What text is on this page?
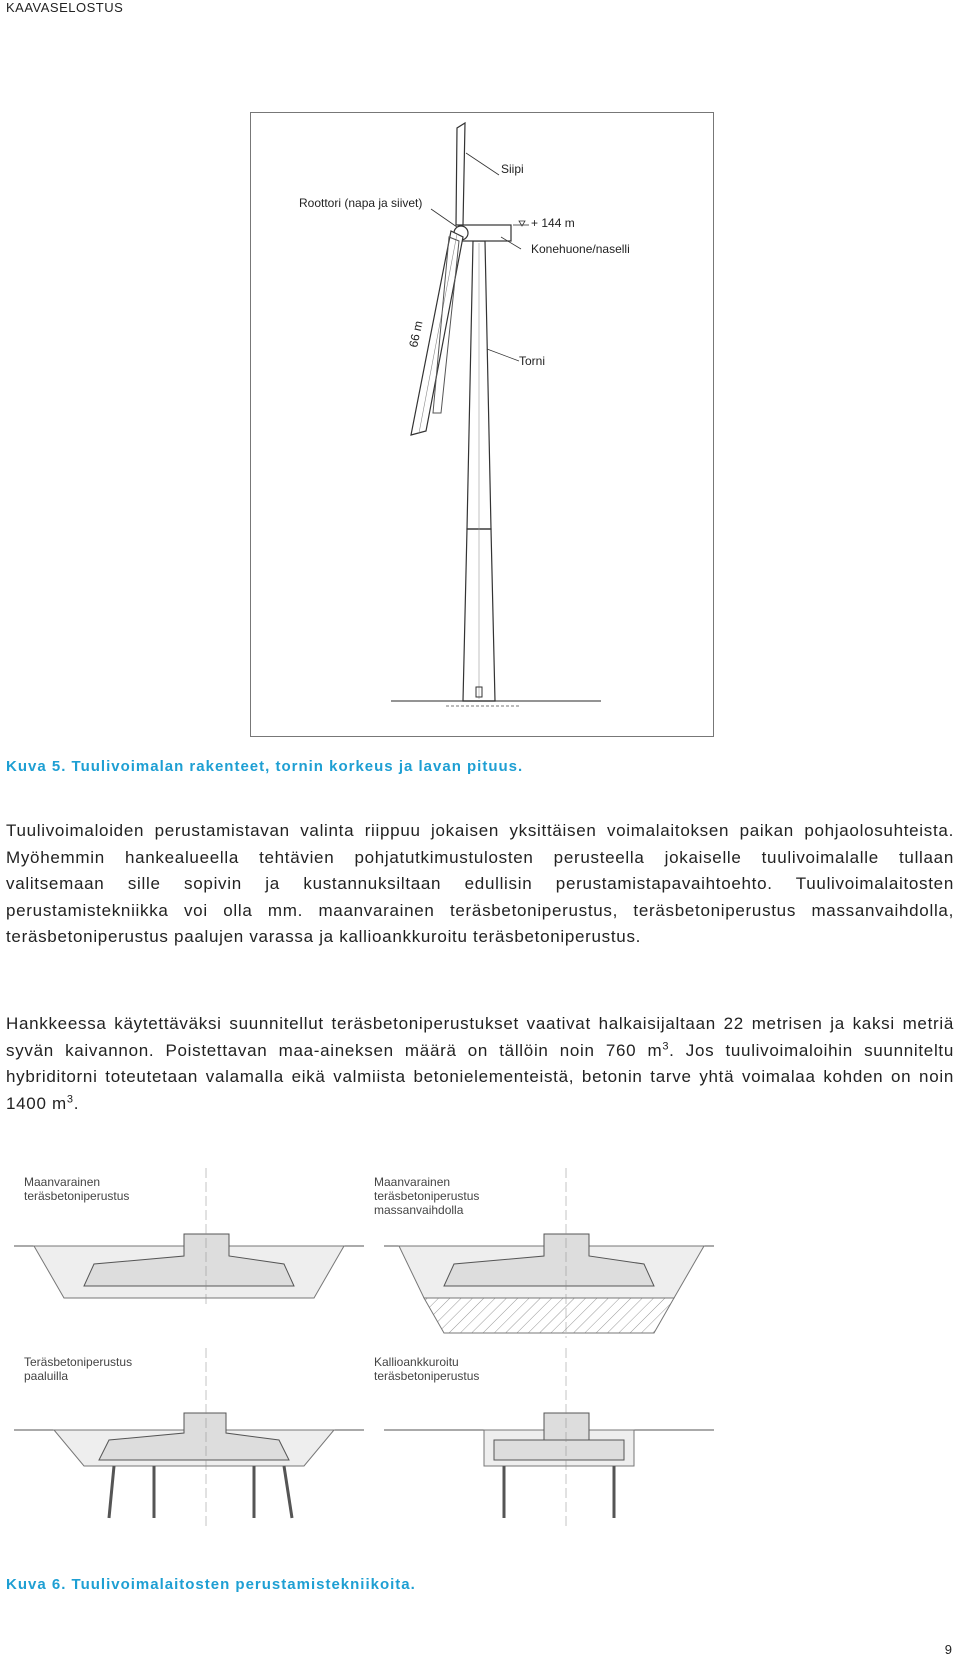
KAAVASELOSTUS
Siipi
Roottori (napa ja siivet)
+ 144 m
Konehuone/naselli
66 m
Torni
Kuva 5. Tuulivoimalan rakenteet, tornin korkeus ja lavan pituus.

Tuulivoimaloiden perustamistavan valinta riippuu jokaisen yksittäisen voimalaitoksen paikan pohjaolosuhteista. Myöhemmin hankealueella tehtävien pohjatutkimustulosten perusteella jokaiselle tuulivoimalalle tullaan valitsemaan sille sopivin ja kustannuksiltaan edullisin perustamistapavaihtoehto. Tuulivoimalaitosten perustamistekniikka voi olla mm. maanvarainen teräsbetoniperustus, teräsbetoniperustus massanvaihdolla, teräsbetoniperustus paalujen varassa ja kallioankkuroitu teräsbetoniperustus.

Hankkeessa käytettäväksi suunnitellut teräsbetoniperustukset vaativat halkaisijaltaan 22 metrisen ja kaksi metriä syvän kaivannon. Poistettavan maa-aineksen määrä on tällöin noin 760 $m^3$. Jos tuulivoimaloihin suunniteltu hybriditorni toteutetaan valamalla eikä valmiista betonielementeistä, betonin tarve yhtä voimalaa kohden on noin 1400 $m^3$.

Maanvarainen
teräsbetoniperustus
Maanvarainen
teräsbetoniperustus
massanvaihdolla
Teräsbetoniperustus
paaluilla
Kallioankkuroitu
teräsbetoniperustus
Kuva 6. Tuulivoimalaitosten perustamistekniikoita.
9
